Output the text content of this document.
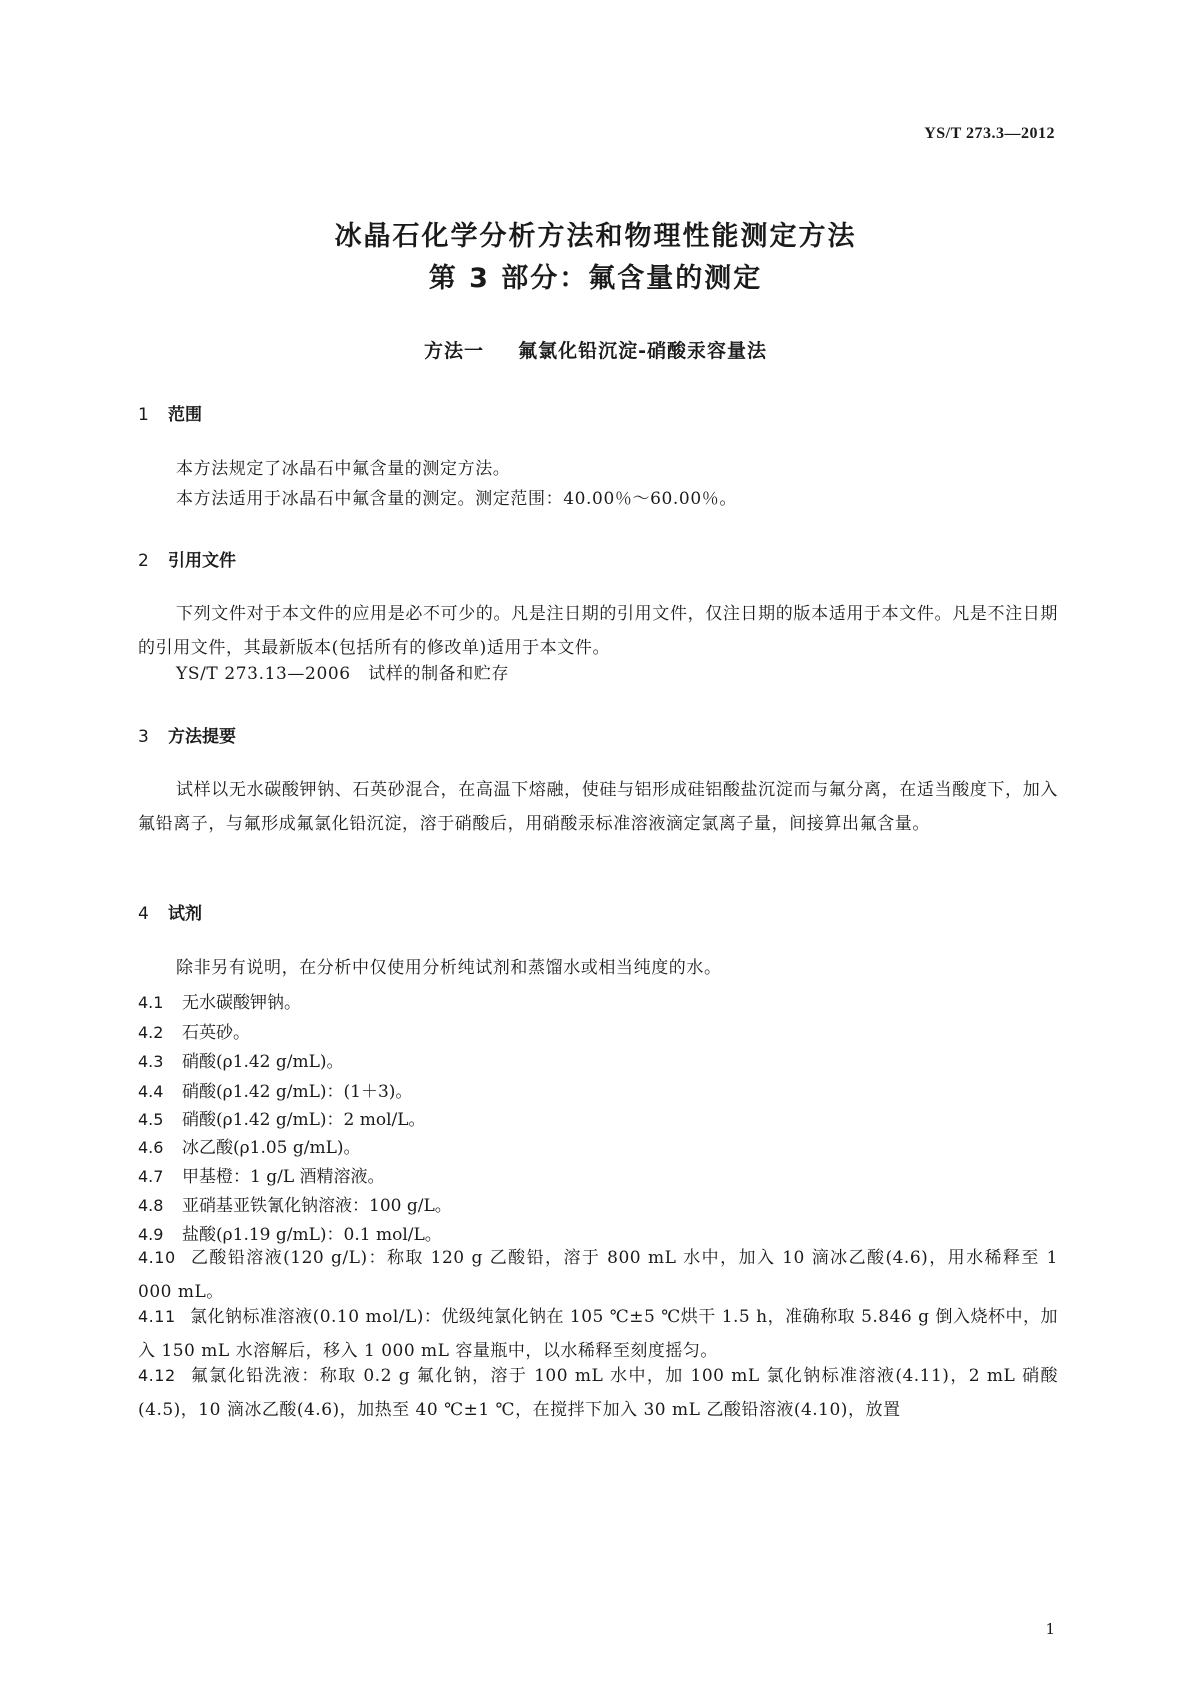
YS/T 273.3—2012
冰晶石化学分析方法和物理性能测定方法
第 3 部分：氟含量的测定
方法一 氟氯化铅沉淀-硝酸汞容量法
1 范围
本方法规定了冰晶石中氟含量的测定方法。
本方法适用于冰晶石中氟含量的测定。测定范围：40.00％～60.00％。
2 引用文件
下列文件对于本文件的应用是必不可少的。凡是注日期的引用文件，仅注日期的版本适用于本文件。凡是不注日期的引用文件，其最新版本(包括所有的修改单)适用于本文件。
YS/T 273.13—2006　试样的制备和贮存
3 方法提要
试样以无水碳酸钾钠、石英砂混合，在高温下熔融，使硅与铝形成硅铝酸盐沉淀而与氟分离，在适当酸度下，加入氟铅离子，与氟形成氟氯化铅沉淀，溶于硝酸后，用硝酸汞标准溶液滴定氯离子量，间接算出氟含量。
4 试剂
除非另有说明，在分析中仅使用分析纯试剂和蒸馏水或相当纯度的水。
4.1 无水碳酸钾钠。
4.2 石英砂。
4.3 硝酸(ρ1.42 g/mL)。
4.4 硝酸(ρ1.42 g/mL)：(1＋3)。
4.5 硝酸(ρ1.42 g/mL)：2 mol/L。
4.6 冰乙酸(ρ1.05 g/mL)。
4.7 甲基橙：1 g/L 酒精溶液。
4.8 亚硝基亚铁氰化钠溶液：100 g/L。
4.9 盐酸(ρ1.19 g/mL)：0.1 mol/L。
4.10 乙酸铅溶液(120 g/L)：称取 120 g 乙酸铅，溶于 800 mL 水中，加入 10 滴冰乙酸(4.6)，用水稀释至 1 000 mL。
4.11 氯化钠标准溶液(0.10 mol/L)：优级纯氯化钠在 105 ℃±5 ℃烘干 1.5 h，准确称取 5.846 g 倒入烧杯中，加入 150 mL 水溶解后，移入 1 000 mL 容量瓶中，以水稀释至刻度摇匀。
4.12 氟氯化铅洗液：称取 0.2 g 氟化钠，溶于 100 mL 水中，加 100 mL 氯化钠标准溶液(4.11)，2 mL 硝酸(4.5)，10 滴冰乙酸(4.6)，加热至 40 ℃±1 ℃，在搅拌下加入 30 mL 乙酸铅溶液(4.10)，放置
1
